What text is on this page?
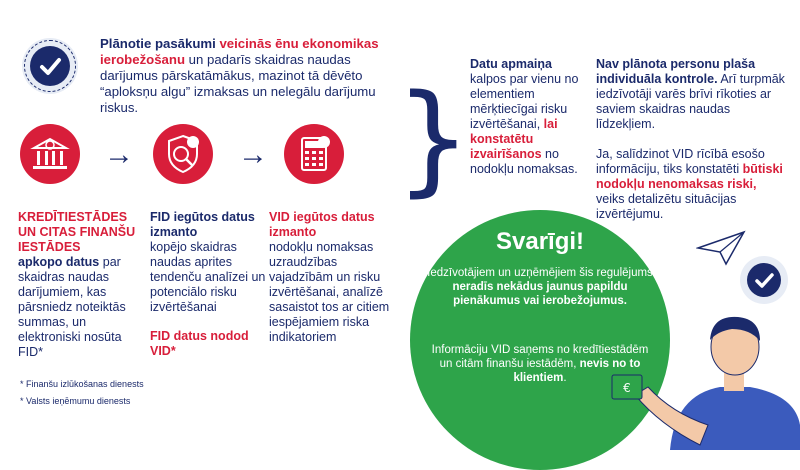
Plānotie pasākumi veicinās ēnu ekonomikas ierobežošanu un padarīs skaidras naudas darījumus pārskatāmākus, mazinot tā dēvēto “aploksņu algu” izmaksas un nelegālu darījumu riskus.
→	→
KREDĪTIESTĀDES UN CITAS FINANŠU IESTĀDES
apkopo datus par skaidras naudas darījumiem, kas pārsniedz noteiktās summas, un elektroniski nosūta FID*
FID iegūtos datus izmanto
kopējo skaidras naudas aprites tendenču analīzei un potenciālo risku izvērtēšanai
FID datus nodod VID*
VID iegūtos datus izmanto
nodokļu nomaksas uzraudzības vajadzībām un risku izvērtēšanai, analīzē sasaistot tos ar citiem iespējamiem riska indikatoriem
* Finanšu izlūkošanas dienests
* Valsts ieņēmumu dienests
}
Datu apmaiņa kalpos par vienu no elementiem mērķtiecīgai risku izvērtēšanai, lai konstatētu izvairīšanos no nodokļu nomaksas.
Nav plānota personu plaša individuāla kontrole. Arī turpmāk iedzīvotāji varēs brīvi rīkoties ar saviem skaidras naudas līdzekļiem.
Ja, salīdzinot VID rīcībā esošo informāciju, tiks konstatēti būtiski nodokļu nenomaksas riski, veiks detalizētu situācijas izvērtējumu.
Svarīgi!
Iedzīvotājiem un uzņēmējiem šis regulējums neradīs nekādus jaunus papildu pienākumus vai ierobežojumus.
Informāciju VID saņems no kredītiestādēm un citām finanšu iestādēm, nevis no to klientiem.
€
